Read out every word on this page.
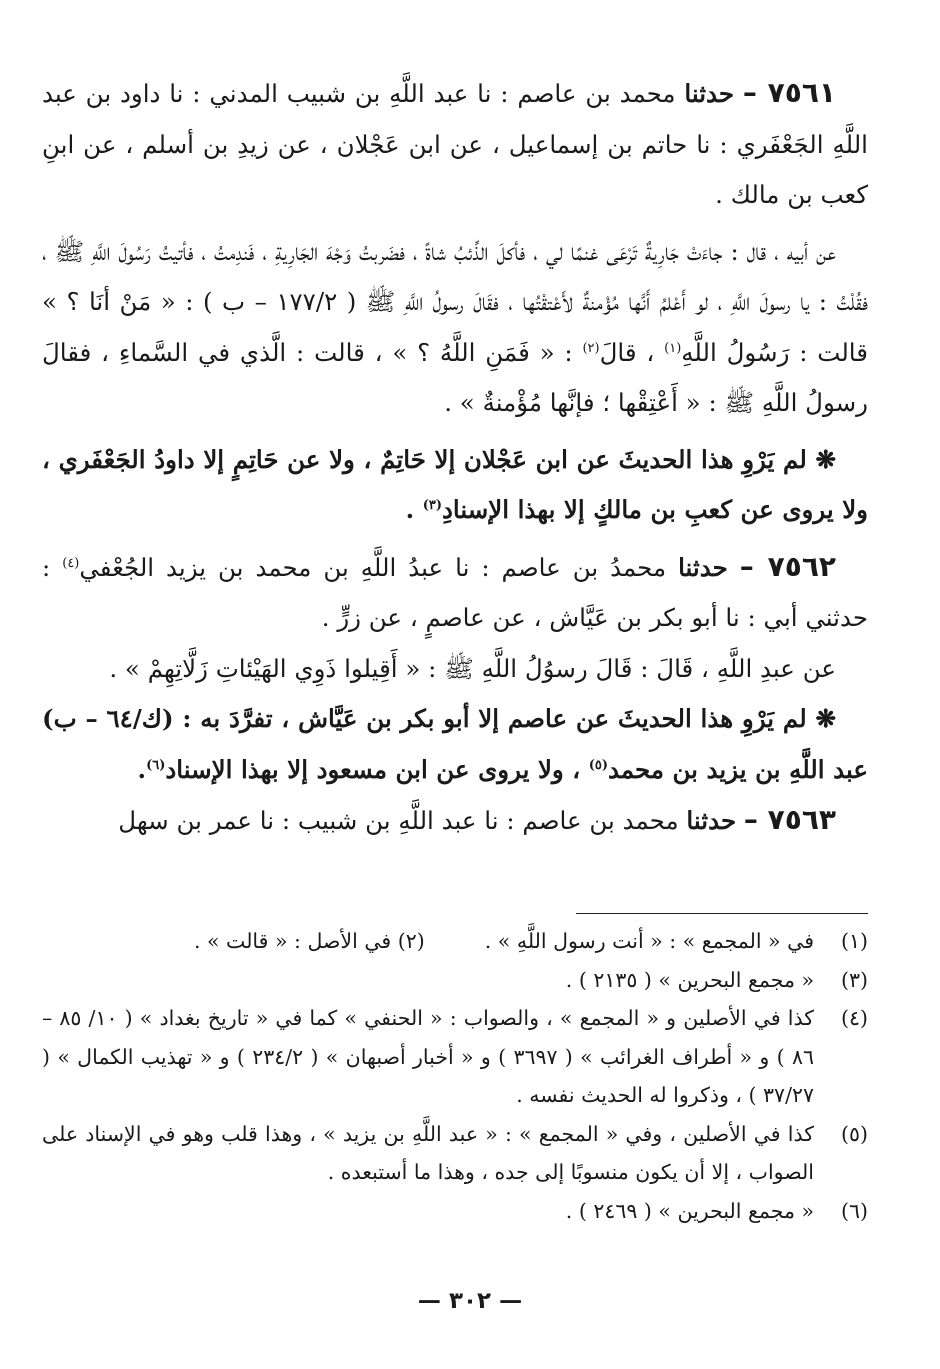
٧٥٦١ – حدثنا محمد بن عاصم : نا عبد اللَّهِ بن شبيب المدني : نا داود بن عبد اللَّهِ الجَعْفَري : نا حاتم بن إسماعيل ، عن ابن عَجْلان ، عن زيدِ بن أسلم ، عن ابنِ كعب بن مالك .

عن أبيه ، قال : جاءَتْ جَارِيةٌ تَرْعَى غنمًا لي ، فأكلَ الذِّئبُ شاةً ، فضَربتُ وَجْهَ الجَارِيةِ ، فَندِمتُ ، فأتيتُ رَسُولَ اللَّهِ ﷺ ، فقُلْتُ : يا رسولَ اللَّهِ ، لو أَعْلمُ أَنَّها مُؤْمنةٌ لأَعْتقْتُها ، فقَالَ رسولُ اللَّهِ ﷺ ( ١٧٧/٢ – ب ) : « مَنْ أنَا ؟ » قالت : رَسُولُ اللَّهِ$^{(١)}$ ، قالَ$^{(٢)}$ : « فَمَنِ اللَّهُ ؟ » ، قالت : الَّذي في السَّماءِ ، فقالَ رسولُ اللَّهِ ﷺ : « أَعْتِقْها ؛ فإنَّها مُؤْمنةٌ » .

❋ لم يَرْوِ هذا الحديثَ عن ابن عَجْلان إلا حَاتِمٌ ، ولا عن حَاتِمٍ إلا داودُ الجَعْفَري ، ولا يروى عن كعبِ بن مالكٍ إلا بهذا الإسنادِ$^{(٣)}$ .

٧٥٦٢ – حدثنا محمدُ بن عاصم : نا عبدُ اللَّهِ بن محمد بن يزيد الجُعْفي$^{(٤)}$ : حدثني أبي : نا أبو بكر بن عَيَّاش ، عن عاصمٍ ، عن زرٍّ .

عن عبدِ اللَّهِ ، قَالَ : قَالَ رسوُلُ اللَّهِ ﷺ : « أَقِيلوا ذَوِي الهَيْئاتِ زَلَّاتِهِمْ » .

❋ لم يَرْوِ هذا الحديثَ عن عاصم إلا أبو بكر بن عَيَّاش ، تفرَّدَ به : (ك/٦٤ – ب) عبد اللَّهِ بن يزيد بن محمد$^{(٥)}$ ، ولا يروى عن ابن مسعود إلا بهذا الإسناد$^{(٦)}$.

٧٥٦٣ – حدثنا محمد بن عاصم : نا عبد اللَّهِ بن شبيب : نا عمر بن سهل

(١)
في « المجمع » : « أنت رسول اللَّهِ » .
(٢) في الأصل : « قالت » .
(٣)
« مجمع البحرين » ( ٢١٣٥ ) .
(٤)
كذا في الأصلين و « المجمع » ، والصواب : « الحنفي » كما في « تاريخ بغداد » ( ١٠/ ٨٥ – ٨٦ ) و « أطراف الغرائب » ( ٣٦٩٧ ) و « أخبار أصبهان » ( ٢٣٤/٢ ) و « تهذيب الكمال » ( ٣٧/٢٧ ) ، وذكروا له الحديث نفسه .
(٥)
كذا في الأصلين ، وفي « المجمع » : « عبد اللَّهِ بن يزيد » ، وهذا قلب وهو في الإسناد على الصواب ، إلا أن يكون منسوبًا إلى جده ، وهذا ما أستبعده .
(٦)
« مجمع البحرين » ( ٢٤٦٩ ) .
— ٣٠٢ —
